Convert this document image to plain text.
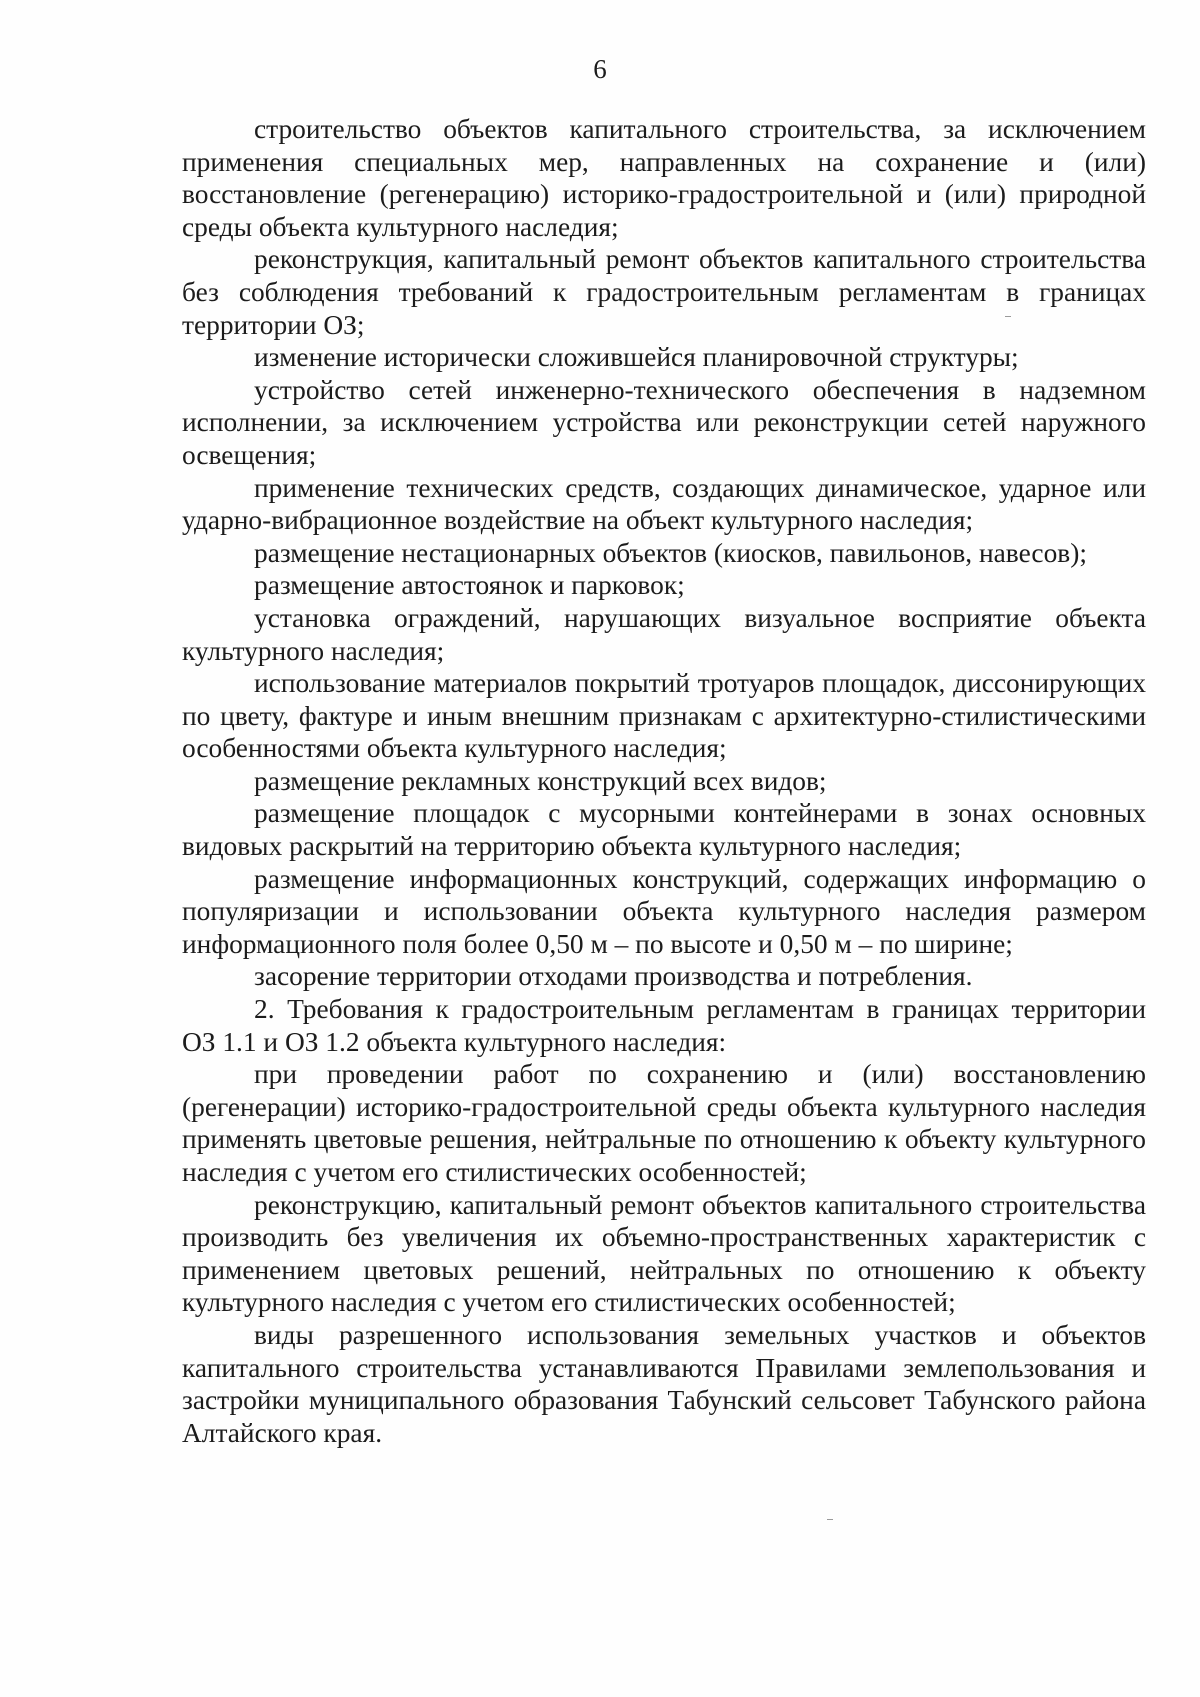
6

строительство объектов капитального строительства, за исключением применения специальных мер, направленных на сохранение и (или) восстановление (регенерацию) историко-градостроительной и (или) природной среды объекта культурного наследия;

реконструкция, капитальный ремонт объектов капитального строительства без соблюдения требований к градостроительным регламентам в границах территории ОЗ;

изменение исторически сложившейся планировочной структуры;

устройство сетей инженерно-технического обеспечения в надземном исполнении, за исключением устройства или реконструкции сетей наружного освещения;

применение технических средств, создающих динамическое, ударное или ударно-вибрационное воздействие на объект культурного наследия;

размещение нестационарных объектов (киосков, павильонов, навесов);

размещение автостоянок и парковок;

установка ограждений, нарушающих визуальное восприятие объекта культурного наследия;

использование материалов покрытий тротуаров площадок, диссонирующих по цвету, фактуре и иным внешним признакам с архитектурно-стилистическими особенностями объекта культурного наследия;

размещение рекламных конструкций всех видов;

размещение площадок с мусорными контейнерами в зонах основных видовых раскрытий на территорию объекта культурного наследия;

размещение информационных конструкций, содержащих информацию о популяризации и использовании объекта культурного наследия размером информационного поля более 0,50 м – по высоте и 0,50 м – по ширине;

засорение территории отходами производства и потребления.

2. Требования к градостроительным регламентам в границах территории ОЗ 1.1 и ОЗ 1.2 объекта культурного наследия:

при проведении работ по сохранению и (или) восстановлению (регенерации) историко-градостроительной среды объекта культурного наследия применять цветовые решения, нейтральные по отношению к объекту культурного наследия с учетом его стилистических особенностей;

реконструкцию, капитальный ремонт объектов капитального строительства производить без увеличения их объемно-пространственных характеристик с применением цветовых решений, нейтральных по отношению к объекту культурного наследия с учетом его стилистических особенностей;

виды разрешенного использования земельных участков и объектов капитального строительства устанавливаются Правилами землепользования и застройки муниципального образования Табунский сельсовет Табунского района Алтайского края.
